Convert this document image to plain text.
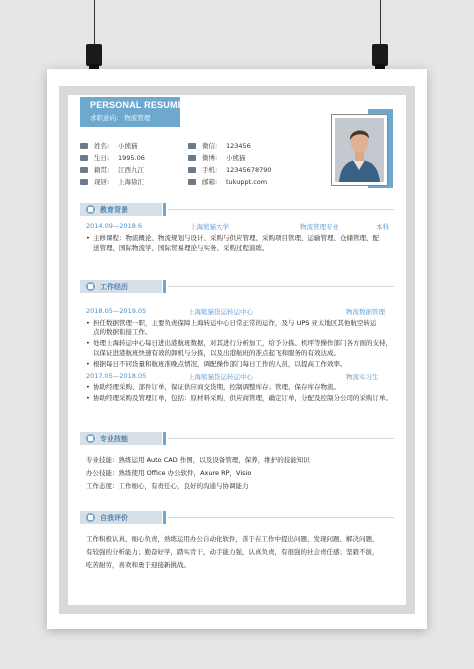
PERSONAL RESUME
求职意向: 物流管理
姓名:	小熊猫
生日:	1995.06
籍贯:	江西九江
现居:	上海徐汇
微信:	123456
微博:	小熊猫
手机:	12345678790
邮箱:	tukuppt.com
教育背景
2014.09—2018.6	上海熊猫大学	物流管理专业	本科
• 主修课程：物流概论、物流规划与设计、采购与供应管理、采购项目管理、运输管理、仓储管理、配
送管理、国际物流学、国际贸易理论与实务、采购过程演练。
工作经历
2018.05—2019.05	上海熊猫货运转运中心	物流数据管理
• 担任数据管理一职，主要负责保障上海转运中心日常正常的运作，及与 UPS 亚太地区其他航空转运
点的数据衔接工作。
• 处理上海转运中心每日进出港航班数据，对其进行分析加工，给予分拣、机坪等操作部门各方面的支持，
以保证进港航班快速有效的卸机与分拣，以及出港航班的准点起飞和服务的有效达成。
• 根据每日不同货量和航班准晚点情况，调配操作部门每日工作的人员，以提高工作效率。
2017.05—2018.05	上海熊猫货运转运中心	物流实习生
• 协助经理采购、部件订单，保证供应商交货期，控制调整库存；管理、保存库存物流。
• 协助经理采购及管理订单，包括：原材料采购，供应商管理，确定订单，分配及控制分公司的采购订单。
专业技能
专业技能：熟练运用 Auto CAD 作图，以及设备管理，保养，维护的技能知识
办公技能：熟练使用 Office 办公软件，Axure RP，Visio
工作态度：工作细心，有责任心，良好的沟通与协调能力
自我评价
工作积极认真，细心负责，熟练运用办公自动化软件，善于在工作中提出问题、发现问题、解决问题，
有较强的分析能力；勤奋好学，踏实肯干，动手能力强，认真负责，有很强的社会责任感；坚毅不拔，
吃苦耐劳，喜欢和勇于迎接新挑战。
